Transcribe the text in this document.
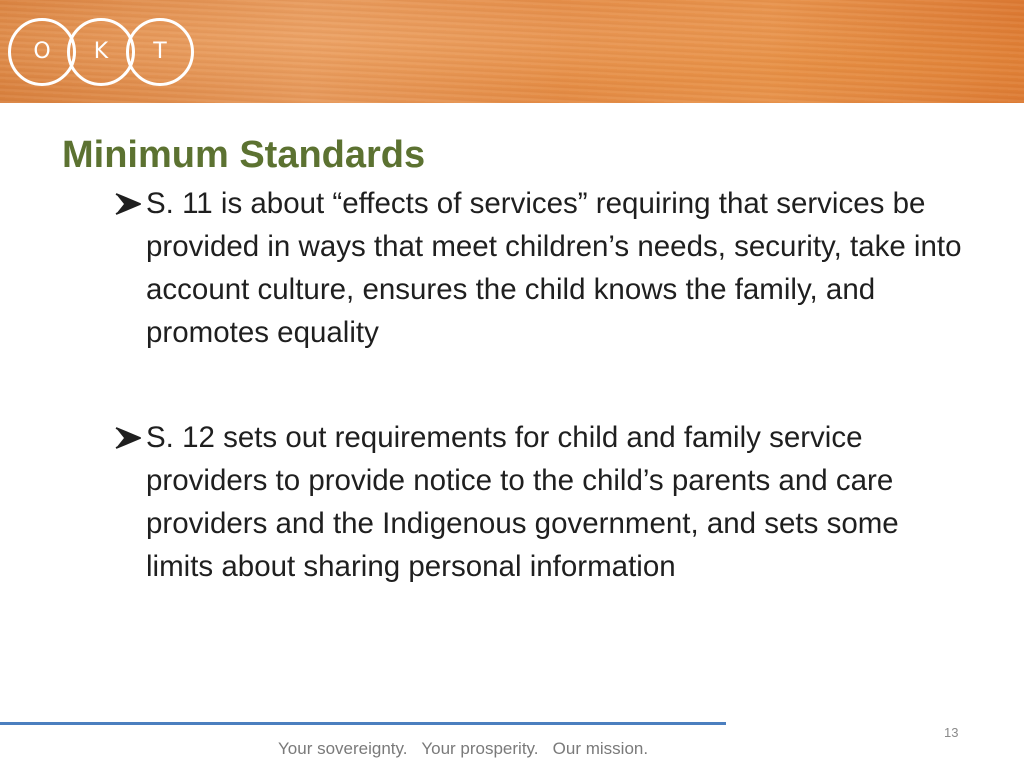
O	K	T
Minimum Standards
S. 11 is about “effects of services” requiring that services be provided in ways that meet children’s needs, security, take into account culture, ensures the child knows the family, and promotes equality
S. 12 sets out requirements for child and family service providers to provide notice to the child’s parents and care providers and the Indigenous government, and sets some limits about sharing personal information
Your sovereignty.   Your prosperity.   Our mission.
13
